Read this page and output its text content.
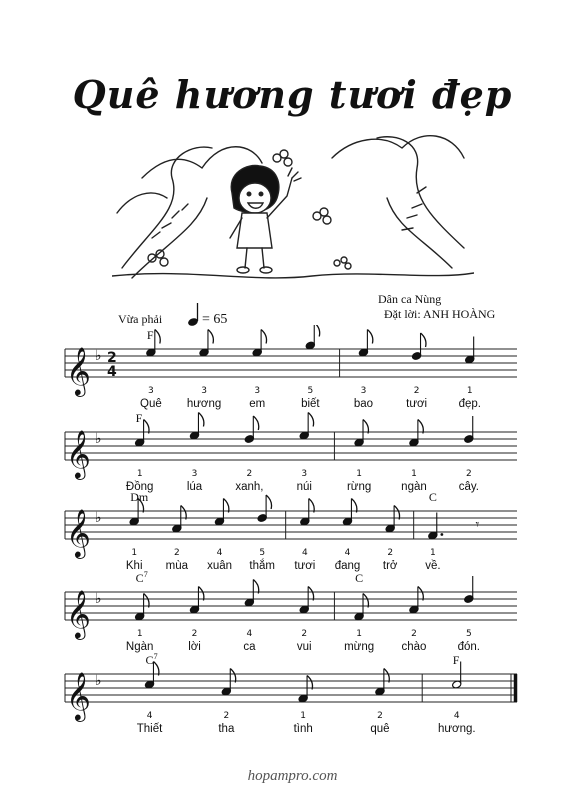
Quê hương tươi đẹp
Dân ca Nùng
Đặt lời: ANH HOÀNG
Vừa phải	= 65
𝄞 ♭ 2
4
3
Quê
3
hương
3
em
5
biết
3
bao
2
tươi
1
đẹp.
F
𝄞 ♭
1
Đồng
3
lúa
2
xanh,
3
núi
1
rừng
1
ngàn
2
cây.
F
𝄞 ♭
1
Khi
2
mùa
4
xuân
5
thắm
4
tươi
4
đang
2
trở
1
về.
𝄾
Dm	C
𝄞 ♭
1
Ngàn
2
lời
4
ca
2
vui
1
mừng
2
chào
5
đón.
$C^7$	C
𝄞 ♭
4
Thiết
2
tha
1
tình
2
quê
4
hương.
$C^7$	F
hopampro.com
